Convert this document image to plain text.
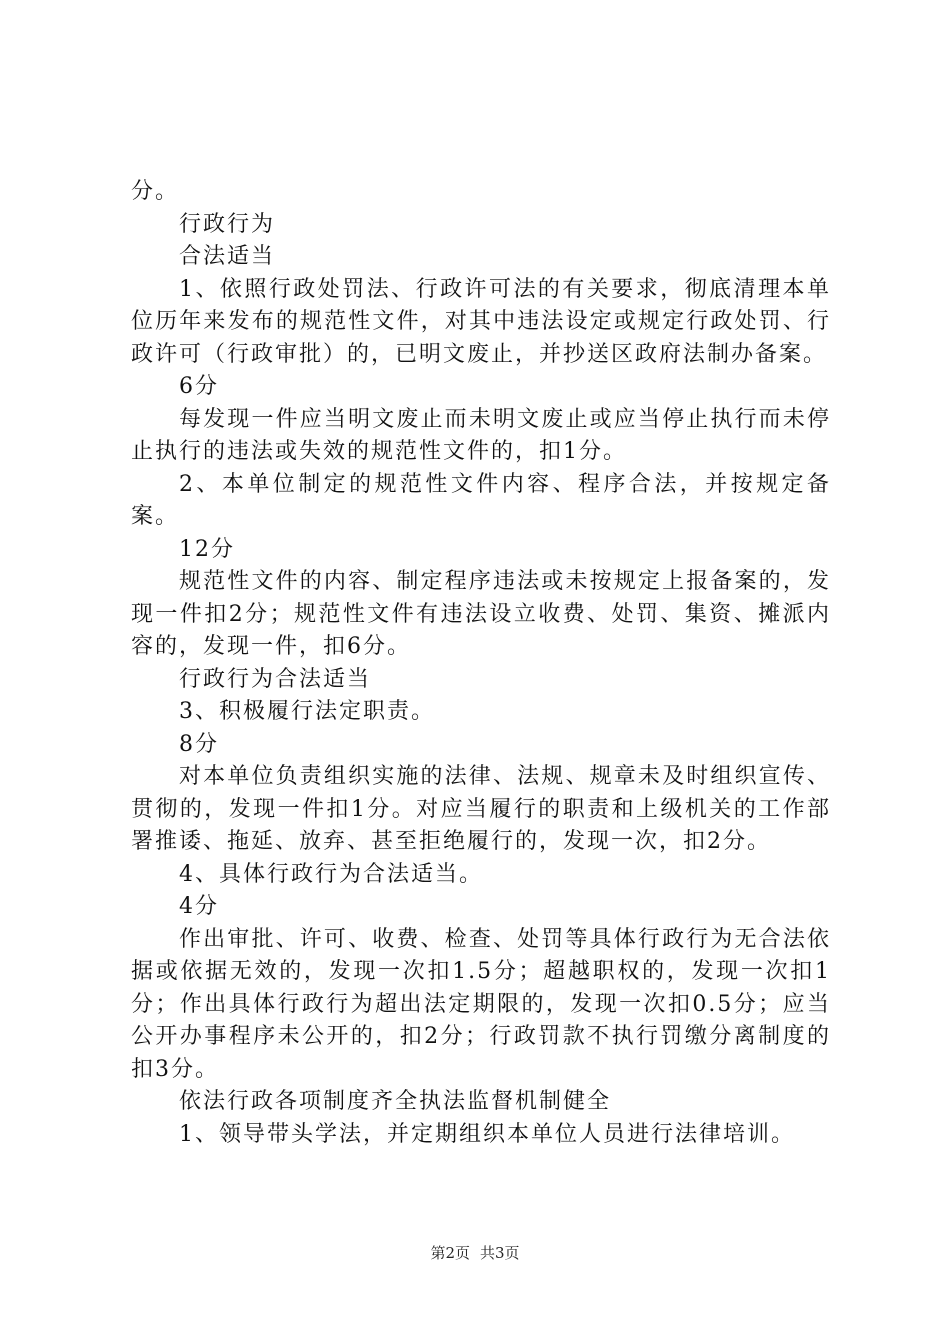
分。

行政行为

合法适当

1、依照行政处罚法、行政许可法的有关要求，彻底清理本单位历年来发布的规范性文件，对其中违法设定或规定行政处罚、行政许可（行政审批）的，已明文废止，并抄送区政府法制办备案。

6分

每发现一件应当明文废止而未明文废止或应当停止执行而未停止执行的违法或失效的规范性文件的，扣1分。

2、本单位制定的规范性文件内容、程序合法，并按规定备案。

12分

规范性文件的内容、制定程序违法或未按规定上报备案的，发现一件扣2分；规范性文件有违法设立收费、处罚、集资、摊派内容的，发现一件，扣6分。

行政行为合法适当

3、积极履行法定职责。

8分

对本单位负责组织实施的法律、法规、规章未及时组织宣传、贯彻的，发现一件扣1分。对应当履行的职责和上级机关的工作部署推诿、拖延、放弃、甚至拒绝履行的，发现一次，扣2分。

4、具体行政行为合法适当。

4分

作出审批、许可、收费、检查、处罚等具体行政行为无合法依据或依据无效的，发现一次扣1.5分；超越职权的，发现一次扣1分；作出具体行政行为超出法定期限的，发现一次扣0.5分；应当公开办事程序未公开的，扣2分；行政罚款不执行罚缴分离制度的扣3分。

依法行政各项制度齐全执法监督机制健全

1、领导带头学法，并定期组织本单位人员进行法律培训。

第2页 共3页
